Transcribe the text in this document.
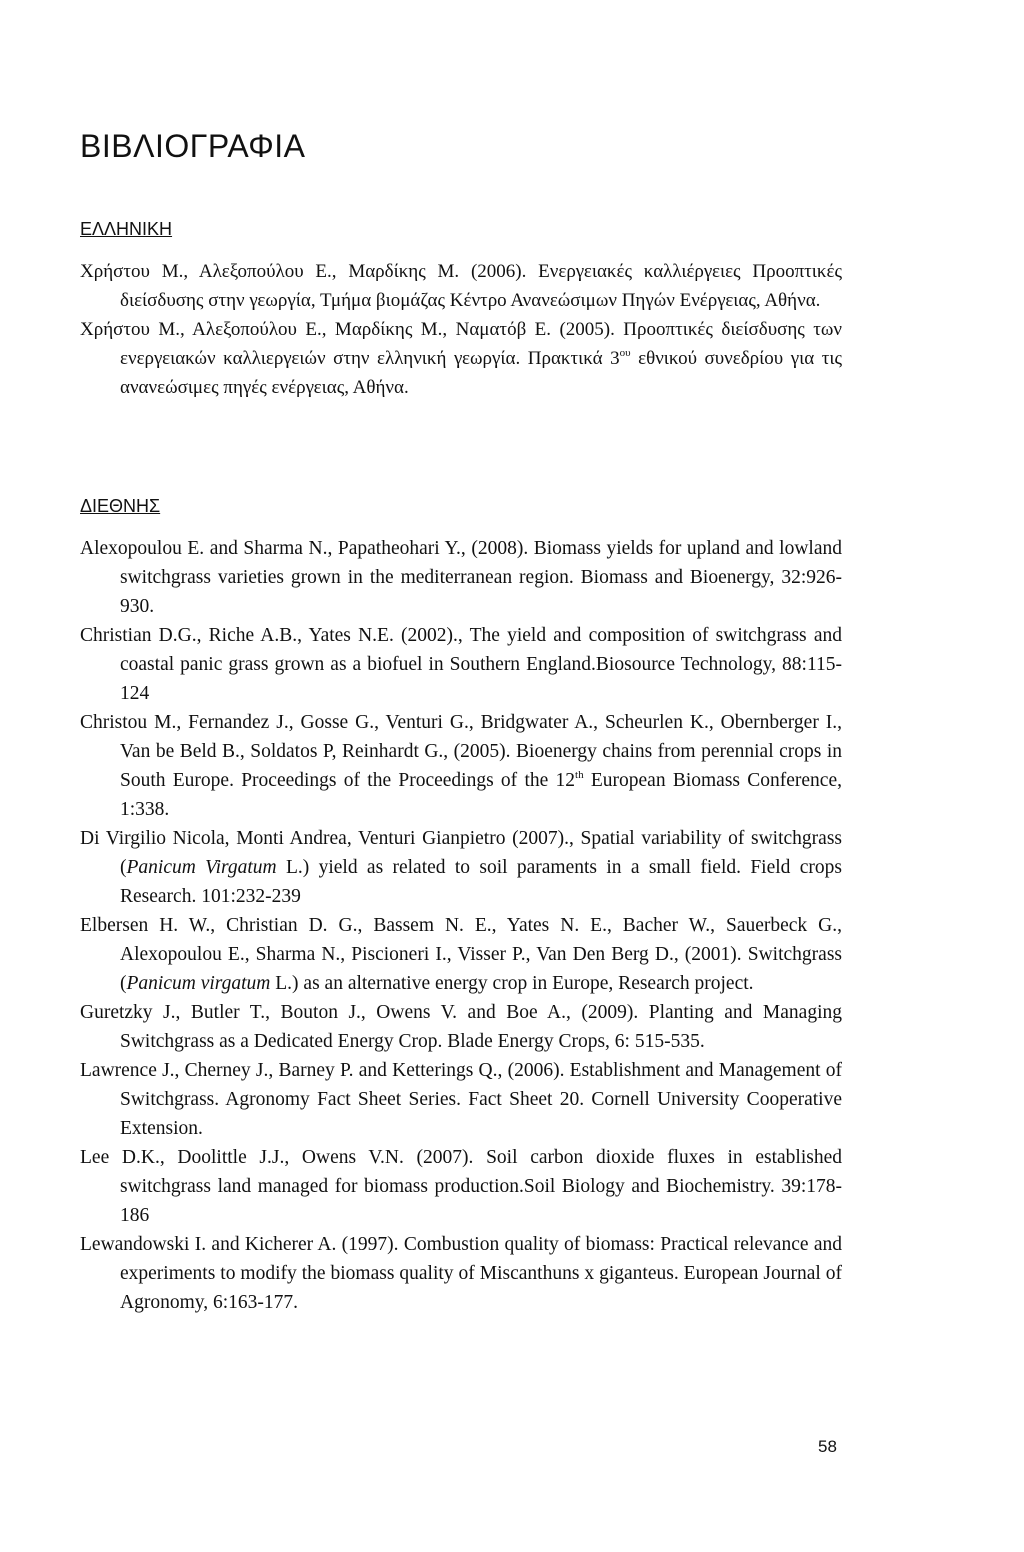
ΒΙΒΛΙΟΓΡΑΦΙΑ
ΕΛΛΗΝΙΚΗ
Χρήστου Μ., Αλεξοπούλου Ε., Μαρδίκης Μ. (2006). Ενεργειακές καλλιέργειες Προοπτικές διείσδυσης στην γεωργία, Τμήμα βιομάζας Κέντρο Ανανεώσιμων Πηγών Ενέργειας, Αθήνα.
Χρήστου Μ., Αλεξοπούλου Ε., Μαρδίκης Μ., Ναματόβ Ε. (2005). Προοπτικές διείσδυσης των ενεργειακών καλλιεργειών στην ελληνική γεωργία. Πρακτικά $3^{o\upsilon}$ εθνικού συνεδρίου για τις ανανεώσιμες πηγές ενέργειας, Αθήνα.
ΔΙΕΘΝΗΣ
Alexopoulou E. and Sharma N., Papatheohari Y., (2008). Biomass yields for upland and lowland switchgrass varieties grown in the mediterranean region. Biomass and Bioenergy, 32:926-930.
Christian D.G., Riche A.B., Yates N.E. (2002)., The yield and composition of switchgrass and coastal panic grass grown as a biofuel in Southern England.Biosource Technology, 88:115-124
Christou M., Fernandez J., Gosse G., Venturi G., Bridgwater A., Scheurlen K., Obernberger I., Van be Beld B., Soldatos P, Reinhardt G., (2005). Bioenergy chains from perennial crops in South Europe. Proceedings of the Proceedings of the 12th European Biomass Conference, 1:338.
Di Virgilio Nicola, Monti Andrea, Venturi Gianpietro (2007)., Spatial variability of switchgrass (Panicum Virgatum L.) yield as related to soil paraments in a small field. Field crops Research. 101:232-239
Elbersen H. W., Christian D. G., Bassem N. E., Yates N. E., Bacher W., Sauerbeck G., Alexopoulou E., Sharma N., Piscioneri I., Visser P., Van Den Berg D., (2001). Switchgrass (Panicum virgatum L.) as an alternative energy crop in Europe, Research project.
Guretzky J., Butler T., Bouton J., Owens V. and Boe A., (2009). Planting and Managing Switchgrass as a Dedicated Energy Crop. Blade Energy Crops, 6: 515-535.
Lawrence J., Cherney J., Barney P. and Ketterings Q., (2006). Establishment and Management of Switchgrass. Agronomy Fact Sheet Series. Fact Sheet 20. Cornell University Cooperative Extension.
Lee D.K., Doolittle J.J., Owens V.N. (2007). Soil carbon dioxide fluxes in established switchgrass land managed for biomass production.Soil Biology and Biochemistry. 39:178-186
Lewandowski I. and Kicherer A. (1997). Combustion quality of biomass: Practical relevance and experiments to modify the biomass quality of Miscanthuns x giganteus. European Journal of Agronomy, 6:163-177.
58
